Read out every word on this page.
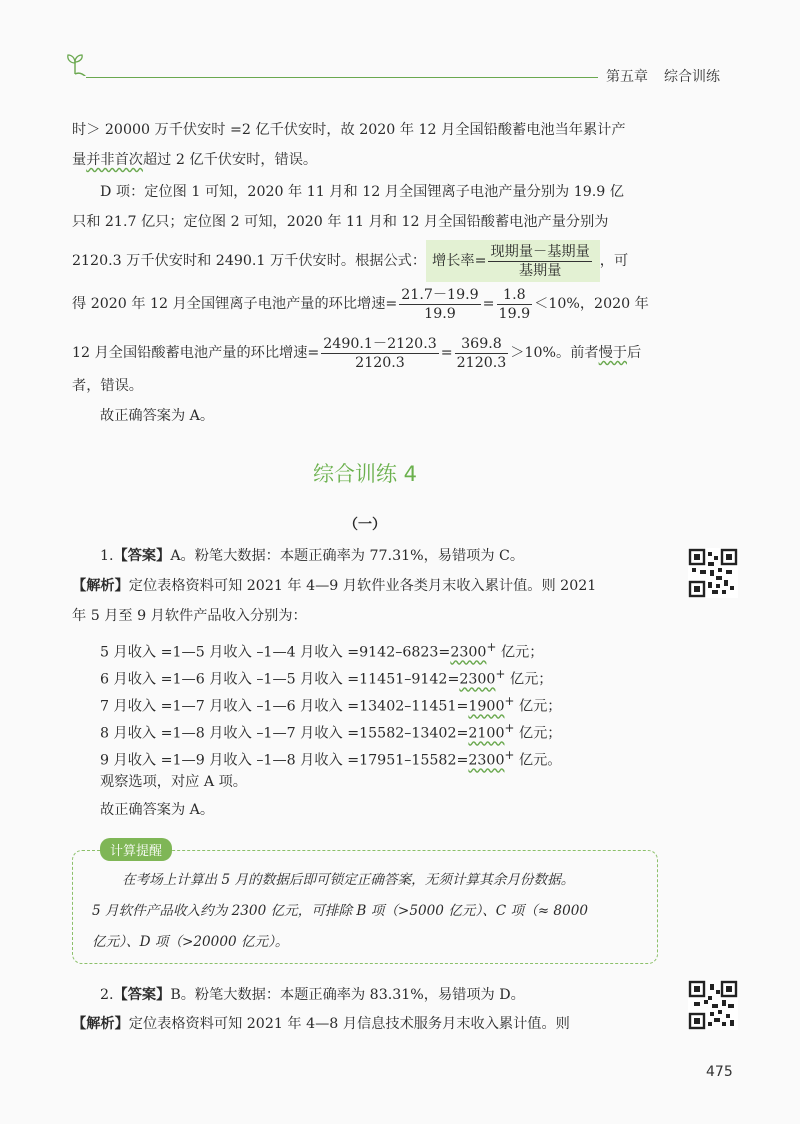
第五章 综合训练
时＞ 20000 万千伏安时 =2 亿千伏安时，故 2020 年 12 月全国铅酸蓄电池当年累计产
量并非首次超过 2 亿千伏安时，错误。
D 项：定位图 1 可知，2020 年 11 月和 12 月全国锂离子电池产量分别为 19.9 亿
只和 21.7 亿只；定位图 2 可知，2020 年 11 月和 12 月全国铅酸蓄电池产量分别为
2120.3 万千伏安时和 2490.1 万千伏安时。根据公式： 增长率= $\frac{\text{现期量－基期量}}{\text{基期量}}$ ，可
得 2020 年 12 月全国锂离子电池产量的环比增速= $\frac{21.7-19.9}{19.9} = \frac{1.8}{19.9} <10\%$，2020 年
12 月全国铅酸蓄电池产量的环比增速= $\frac{2490.1-2120.3}{2120.3} = \frac{369.8}{2120.3} >10\%$。前者慢于后
者，错误。
故正确答案为 A。
综合训练 4
（一）
1.【答案】A。粉笔大数据：本题正确率为 77.31%，易错项为 C。
【解析】定位表格资料可知 2021 年 4—9 月软件业各类月末收入累计值。则 2021
年 5 月至 9 月软件产品收入分别为：
5 月收入 =1—5 月收入 –1—4 月收入 =9142–6823=2300+ 亿元；
6 月收入 =1—6 月收入 –1—5 月收入 =11451–9142=2300+ 亿元；
7 月收入 =1—7 月收入 –1—6 月收入 =13402–11451=1900+ 亿元；
8 月收入 =1—8 月收入 –1—7 月收入 =15582–13402=2100+ 亿元；
9 月收入 =1—9 月收入 –1—8 月收入 =17951–15582=2300+ 亿元。
观察选项，对应 A 项。
故正确答案为 A。
计算提醒
在考场上计算出 5 月的数据后即可锁定正确答案，无须计算其余月份数据。
5 月软件产品收入约为 2300 亿元，可排除 B 项（>5000 亿元）、C 项（≈ 8000
亿元）、D 项（>20000 亿元）。
2.【答案】B。粉笔大数据：本题正确率为 83.31%，易错项为 D。
【解析】定位表格资料可知 2021 年 4—8 月信息技术服务月末收入累计值。则
475
